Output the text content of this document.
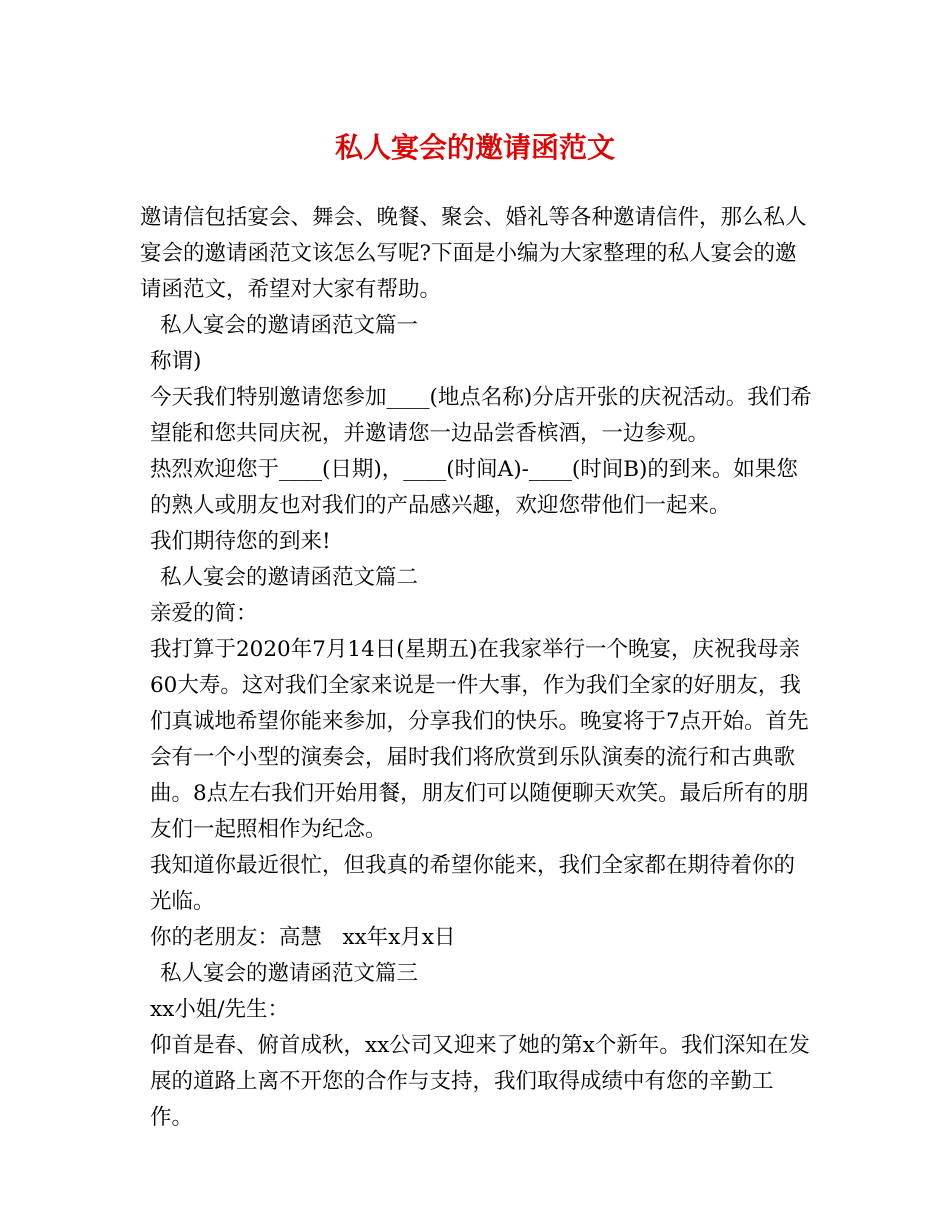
私人宴会的邀请函范文

邀请信包括宴会、舞会、晚餐、聚会、婚礼等各种邀请信件，那么私人宴会的邀请函范文该怎么写呢?下面是小编为大家整理的私人宴会的邀请函范文，希望对大家有帮助。

私人宴会的邀请函范文篇一

称谓)

今天我们特别邀请您参加____(地点名称)分店开张的庆祝活动。我们希望能和您共同庆祝，并邀请您一边品尝香槟酒，一边参观。

热烈欢迎您于____(日期)，____(时间A)-____(时间B)的到来。如果您的熟人或朋友也对我们的产品感兴趣，欢迎您带他们一起来。

我们期待您的到来!

私人宴会的邀请函范文篇二

亲爱的简：

我打算于2020年7月14日(星期五)在我家举行一个晚宴，庆祝我母亲60大寿。这对我们全家来说是一件大事，作为我们全家的好朋友，我们真诚地希望你能来参加，分享我们的快乐。晚宴将于7点开始。首先会有一个小型的演奏会，届时我们将欣赏到乐队演奏的流行和古典歌曲。8点左右我们开始用餐，朋友们可以随便聊天欢笑。最后所有的朋友们一起照相作为纪念。

我知道你最近很忙，但我真的希望你能来，我们全家都在期待着你的光临。

你的老朋友：高慧   xx年x月x日

私人宴会的邀请函范文篇三

xx小姐/先生：

仰首是春、俯首成秋，xx公司又迎来了她的第x个新年。我们深知在发展的道路上离不开您的合作与支持，我们取得成绩中有您的辛勤工作。
